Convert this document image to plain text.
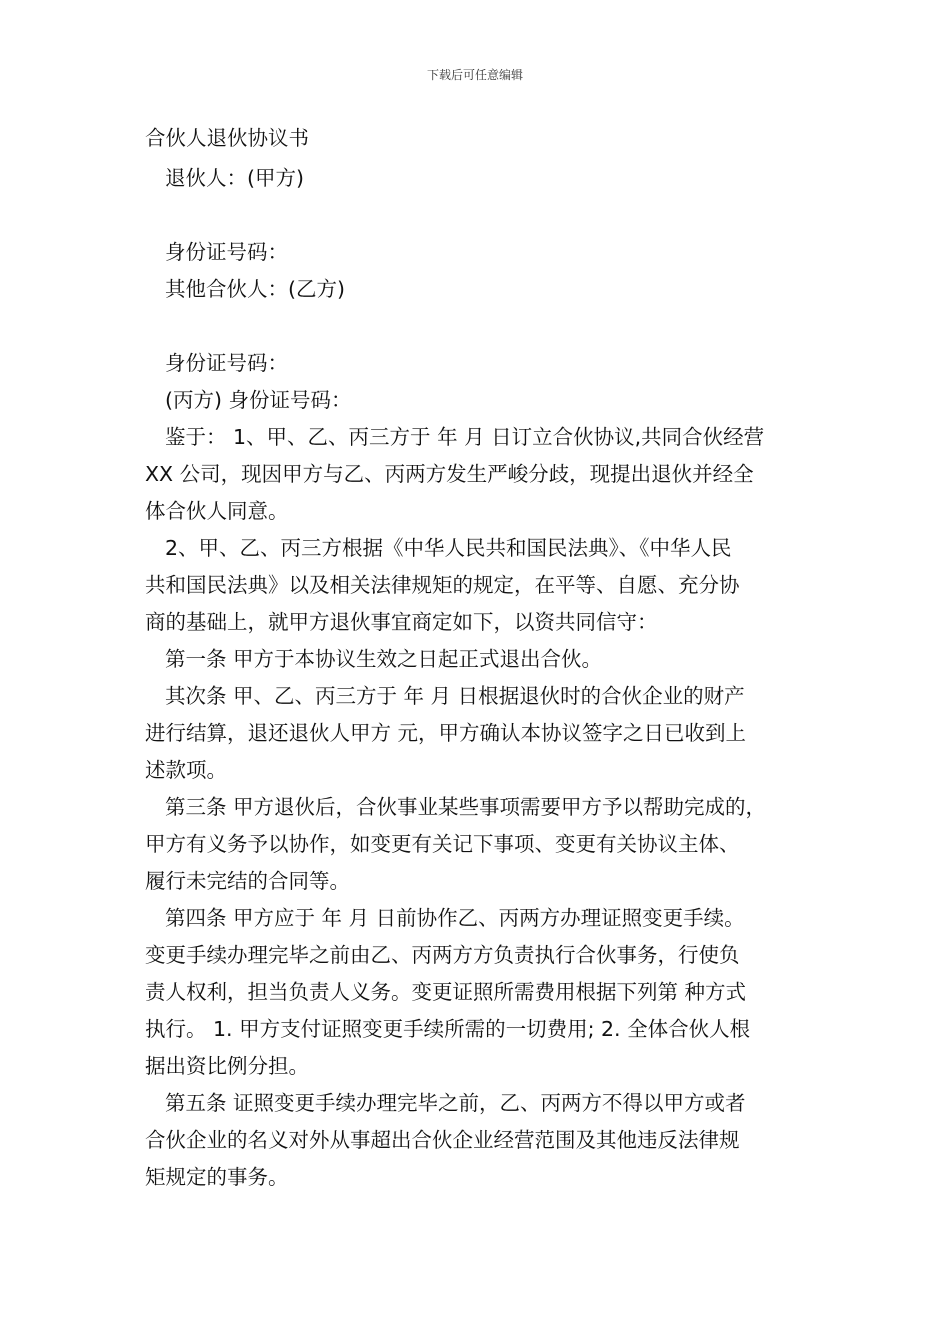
下载后可任意编辑
合伙人退伙协议书
退伙人：(甲方)
身份证号码：
其他合伙人：(乙方)
身份证号码：
(丙方) 身份证号码：

鉴于： 1、甲、乙、丙三方于 年 月 日订立合伙协议,共同合伙经营
XX 公司，现因甲方与乙、丙两方发生严峻分歧，现提出退伙并经全
体合伙人同意。

2、甲、乙、丙三方根据《中华人民共和国民法典》、《中华人民
共和国民法典》以及相关法律规矩的规定，在平等、自愿、充分协
商的基础上，就甲方退伙事宜商定如下，以资共同信守：

第一条 甲方于本协议生效之日起正式退出合伙。

其次条 甲、乙、丙三方于 年 月 日根据退伙时的合伙企业的财产
进行结算，退还退伙人甲方 元，甲方确认本协议签字之日已收到上
述款项。

第三条 甲方退伙后，合伙事业某些事项需要甲方予以帮助完成的，
甲方有义务予以协作，如变更有关记下事项、变更有关协议主体、
履行未完结的合同等。

第四条 甲方应于 年 月 日前协作乙、丙两方办理证照变更手续。
变更手续办理完毕之前由乙、丙两方方负责执行合伙事务，行使负
责人权利，担当负责人义务。变更证照所需费用根据下列第 种方式
执行。 1. 甲方支付证照变更手续所需的一切费用; 2. 全体合伙人根
据出资比例分担。

第五条 证照变更手续办理完毕之前，乙、丙两方不得以甲方或者
合伙企业的名义对外从事超出合伙企业经营范围及其他违反法律规
矩规定的事务。
